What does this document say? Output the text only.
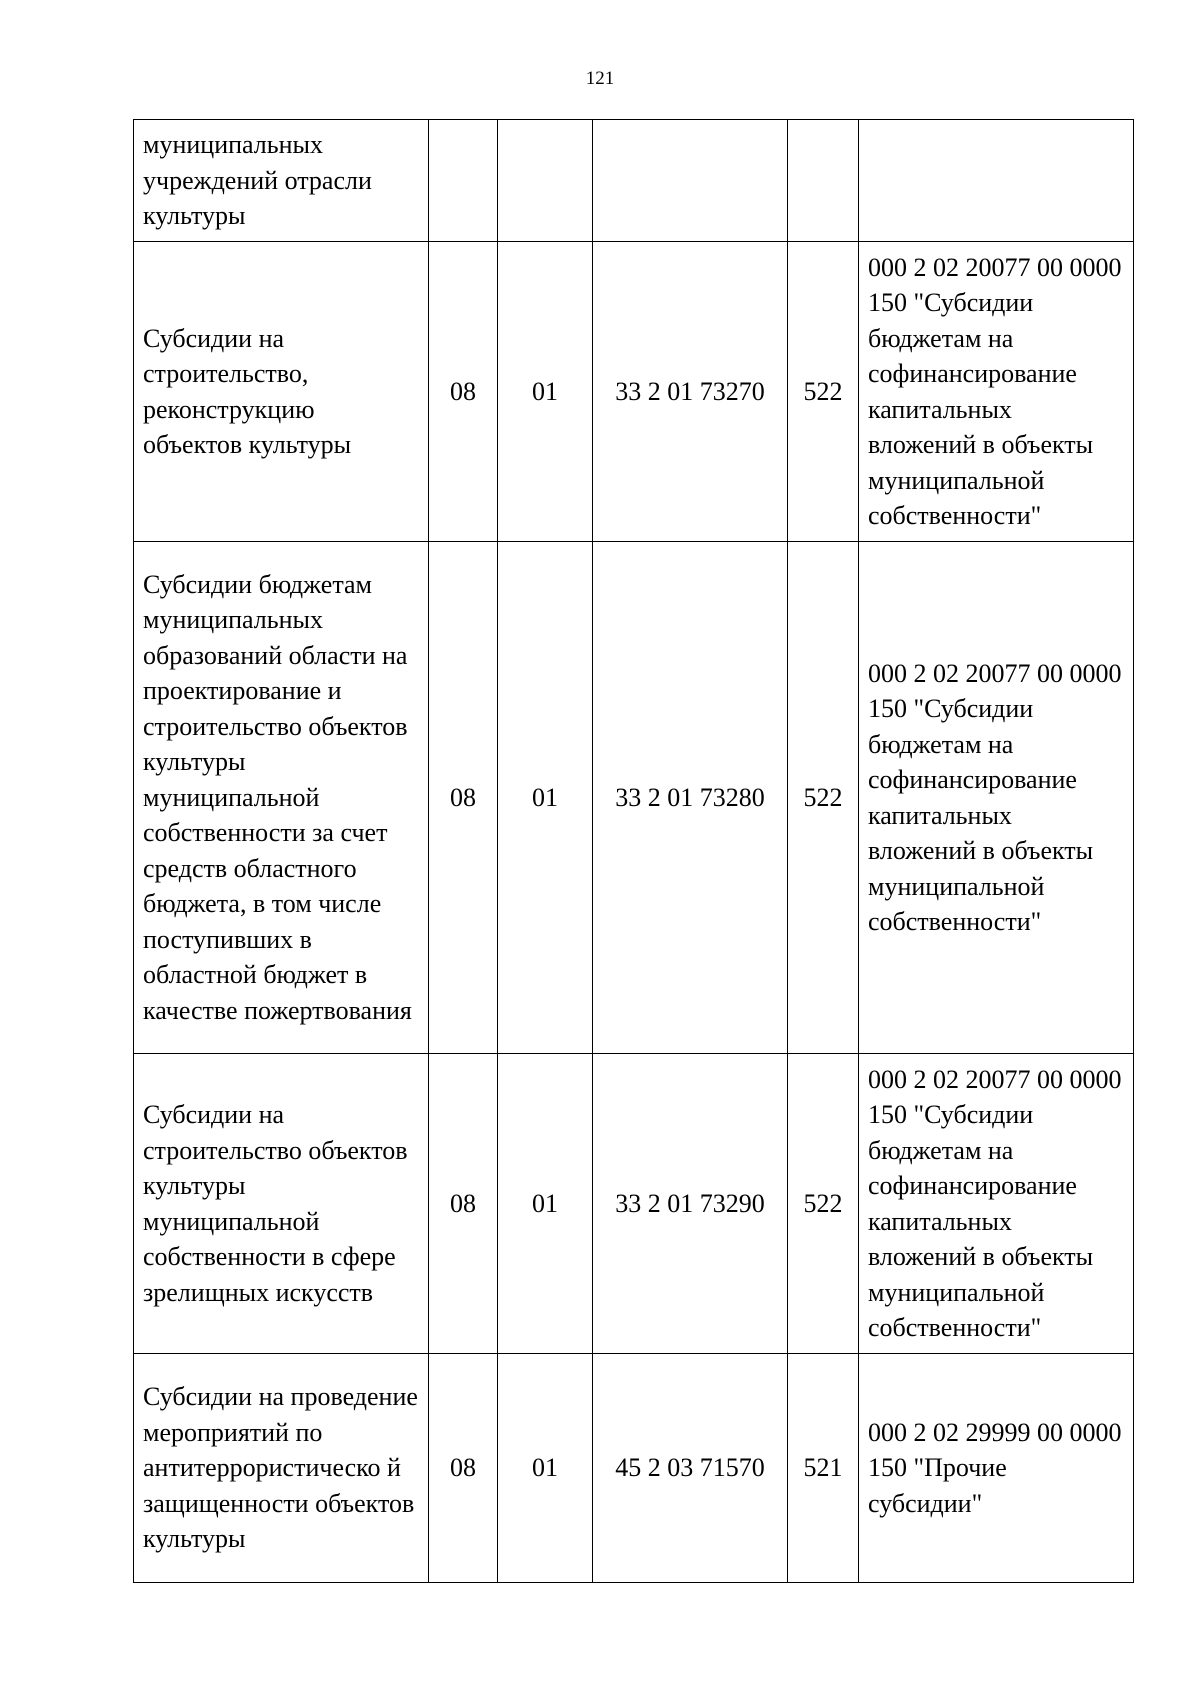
121
муниципальных учреждений отрасли культуры					
Субсидии на строительство, реконструкцию объектов культуры	08	01	33 2 01 73270	522	000 2 02 20077 00 0000 150 "Субсидии бюджетам на софинансирование капитальных вложений в объекты муниципальной собственности"
Субсидии бюджетам муниципальных образований области на проектирование и строительство объектов культуры муниципальной собственности за счет средств областного бюджета, в том числе поступивших в областной бюджет в качестве пожертвования	08	01	33 2 01 73280	522	000 2 02 20077 00 0000 150 "Субсидии бюджетам на софинансирование капитальных вложений в объекты муниципальной собственности"
Субсидии на строительство объектов культуры муниципальной собственности в сфере зрелищных искусств	08	01	33 2 01 73290	522	000 2 02 20077 00 0000 150 "Субсидии бюджетам на софинансирование капитальных вложений в объекты муниципальной собственности"
Субсидии на проведение мероприятий по антитеррористическо й защищенности объектов культуры	08	01	45 2 03 71570	521	000 2 02 29999 00 0000 150 "Прочие субсидии"
